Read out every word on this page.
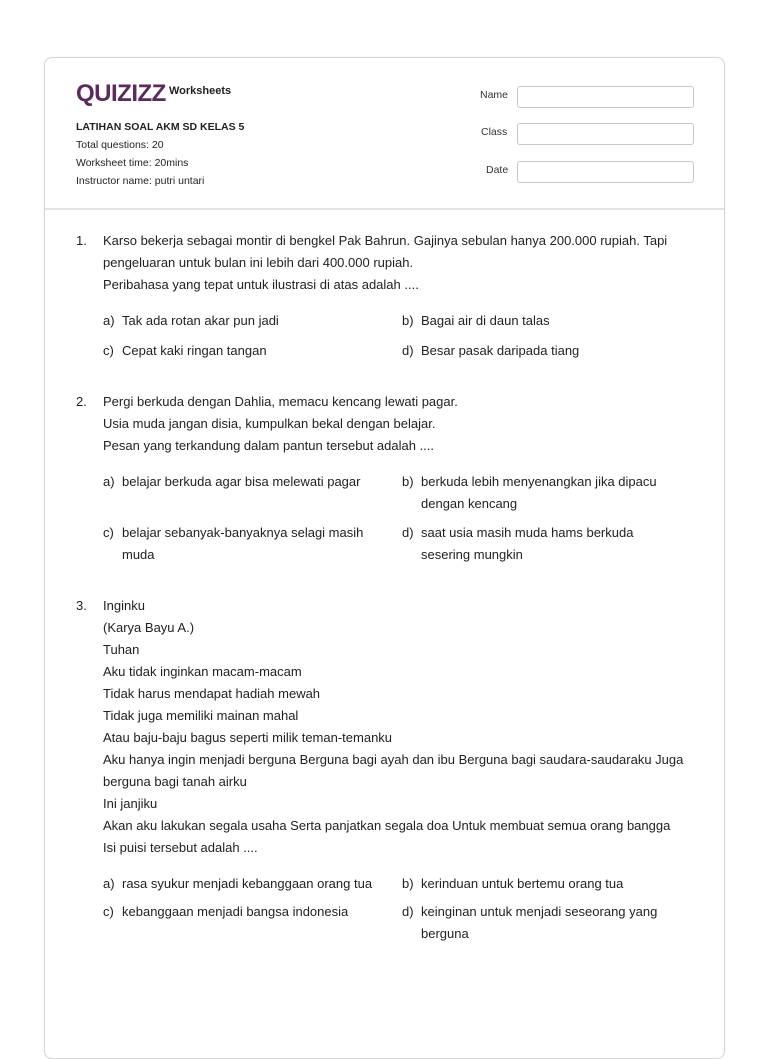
QUIZIZZ Worksheets
LATIHAN SOAL AKM SD KELAS 5
Total questions: 20
Worksheet time: 20mins
Instructor name: putri untari
Name
Class
Date
1. Karso bekerja sebagai montir di bengkel Pak Bahrun. Gajinya sebulan hanya 200.000 rupiah. Tapi
pengeluaran untuk bulan ini lebih dari 400.000 rupiah.
Peribahasa yang tepat untuk ilustrasi di atas adalah ....
a) Tak ada rotan akar pun jadi	b) Bagai air di daun talas
c) Cepat kaki ringan tangan	d) Besar pasak daripada tiang
2. Pergi berkuda dengan Dahlia, memacu kencang lewati pagar.
Usia muda jangan disia, kumpulkan bekal dengan belajar.
Pesan yang terkandung dalam pantun tersebut adalah ....
a) belajar berkuda agar bisa melewati pagar	b) berkuda lebih menyenangkan jika dipacu
dengan kencang
c) belajar sebanyak-banyaknya selagi masih
muda
d) saat usia masih muda hams berkuda
sesering mungkin
3. Inginku
(Karya Bayu A.)
Tuhan
Aku tidak inginkan macam-macam
Tidak harus mendapat hadiah mewah
Tidak juga memiliki mainan mahal
Atau baju-baju bagus seperti milik teman-temanku
Aku hanya ingin menjadi berguna Berguna bagi ayah dan ibu Berguna bagi saudara-saudaraku Juga
berguna bagi tanah airku
Ini janjiku
Akan aku lakukan segala usaha Serta panjatkan segala doa Untuk membuat semua orang bangga
Isi puisi tersebut adalah ....
a) rasa syukur menjadi kebanggaan orang tua	b) kerinduan untuk bertemu orang tua
c) kebanggaan menjadi bangsa indonesia	d) keinginan untuk menjadi seseorang yang
berguna
